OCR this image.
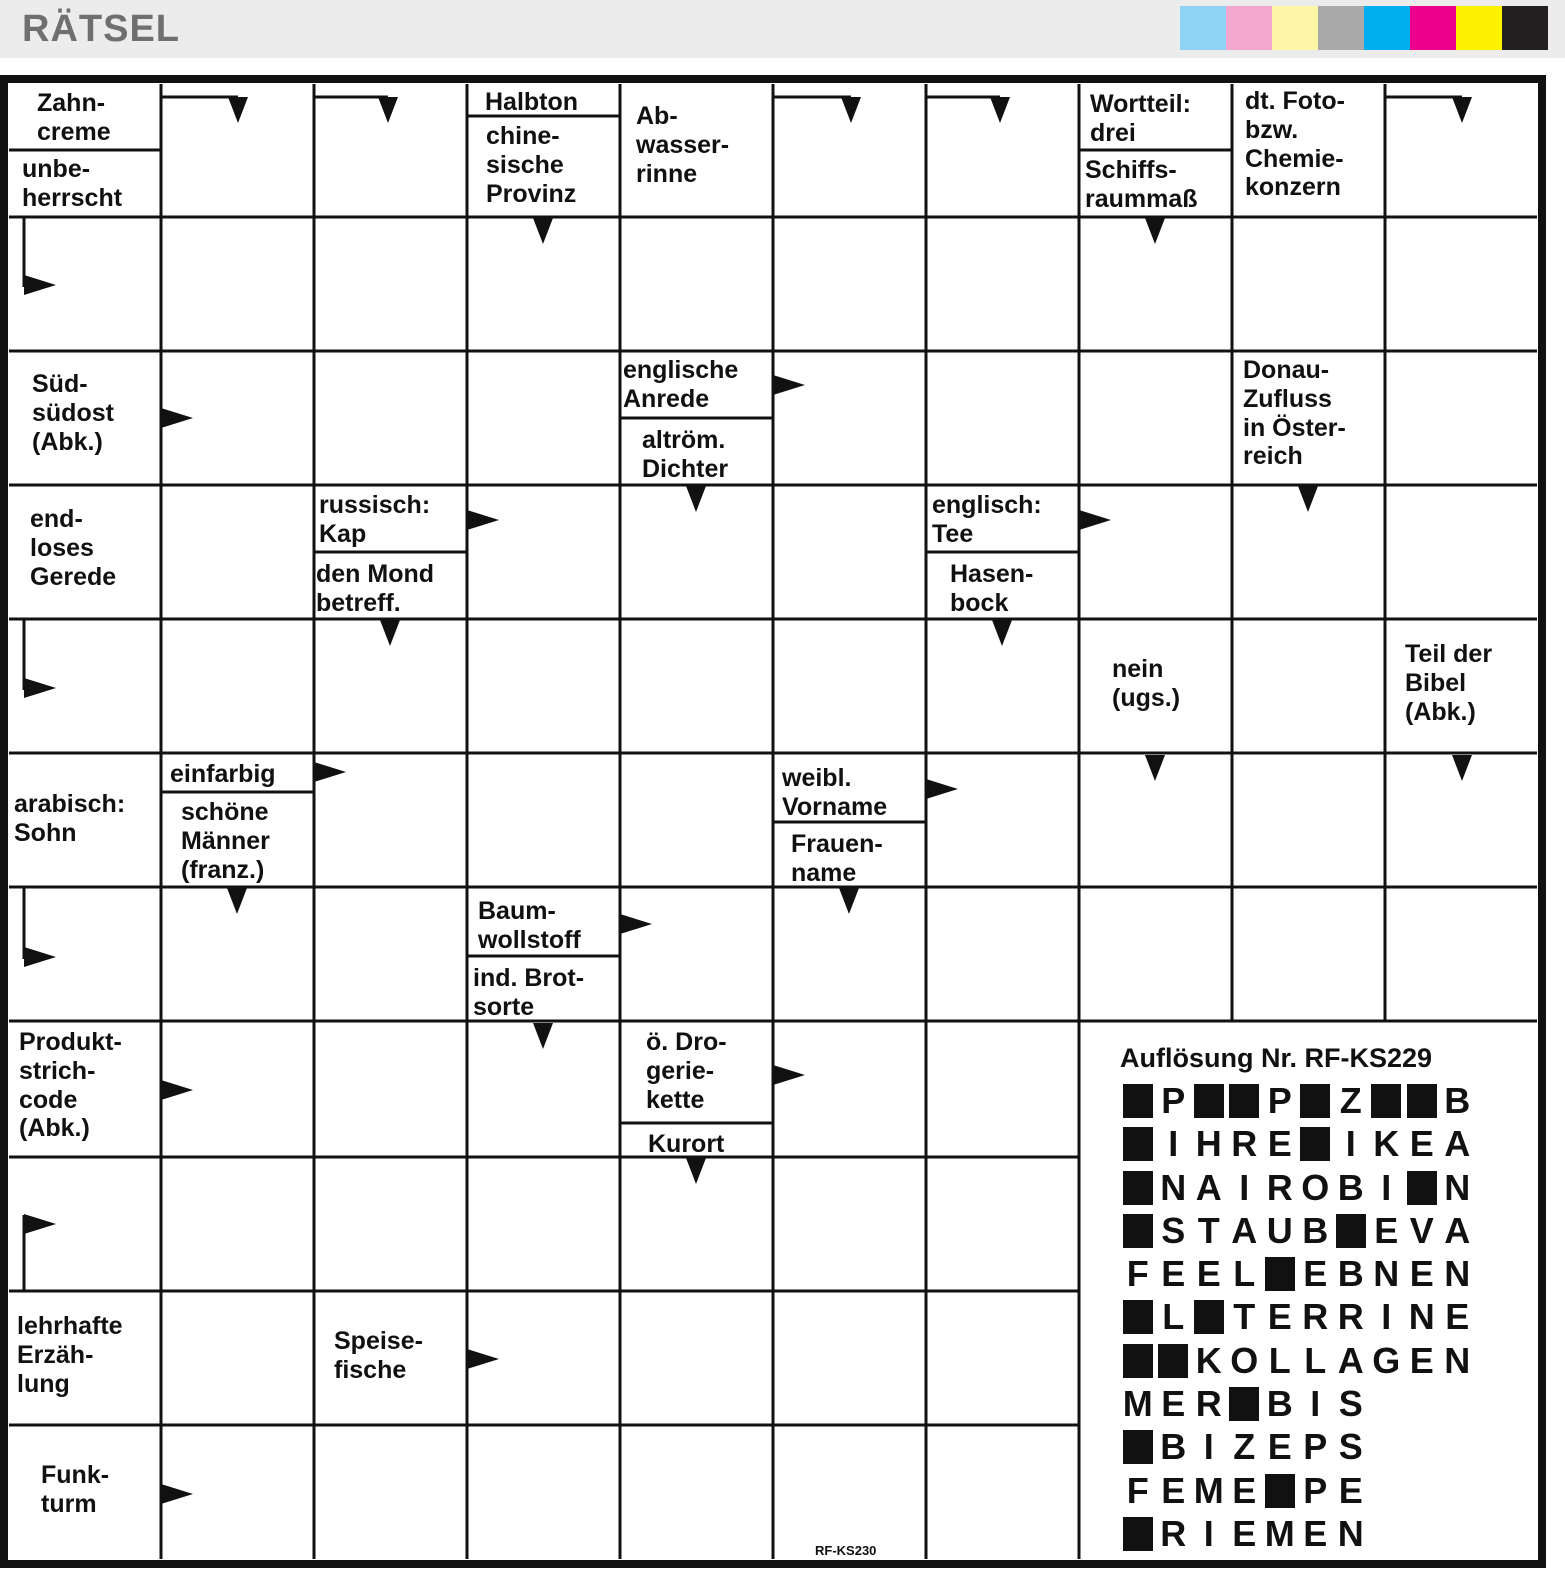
RÄTSEL
Zahn-
creme
unbe-
herrscht
Halbton
chine-
sische
Provinz
Ab-
wasser-
rinne
Wortteil:
drei
Schiffs-
raummaß
dt. Foto-
bzw.
Chemie-
konzern
Süd-
südost
(Abk.)
englische
Anrede
altröm.
Dichter
Donau-
Zufluss
in Öster-
reich
end-
loses
Gerede
russisch:
Kap
den Mond
betreff.
englisch:
Tee
Hasen-
bock
nein
(ugs.)
Teil der
Bibel
(Abk.)
arabisch:
Sohn
einfarbig
schöne
Männer
(franz.)
weibl.
Vorname
Frauen-
name
Baum-
wollstoff
ind. Brot-
sorte
Produkt-
strich-
code
(Abk.)
ö. Dro-
gerie-
kette
Kurort
lehrhafte
Erzäh-
lung
Speise-
fische
Funk-
turm
RF-KS230
Auflösung Nr. RF-KS229
P P Z B
I H R E I K E A
N A I R O B I N
S T A U B E V A
F E E L E B N E N
L T E R R I N E
K O L L A G E N
M E R B I S
B I Z E P S
F E M E P E
R I E M E N
